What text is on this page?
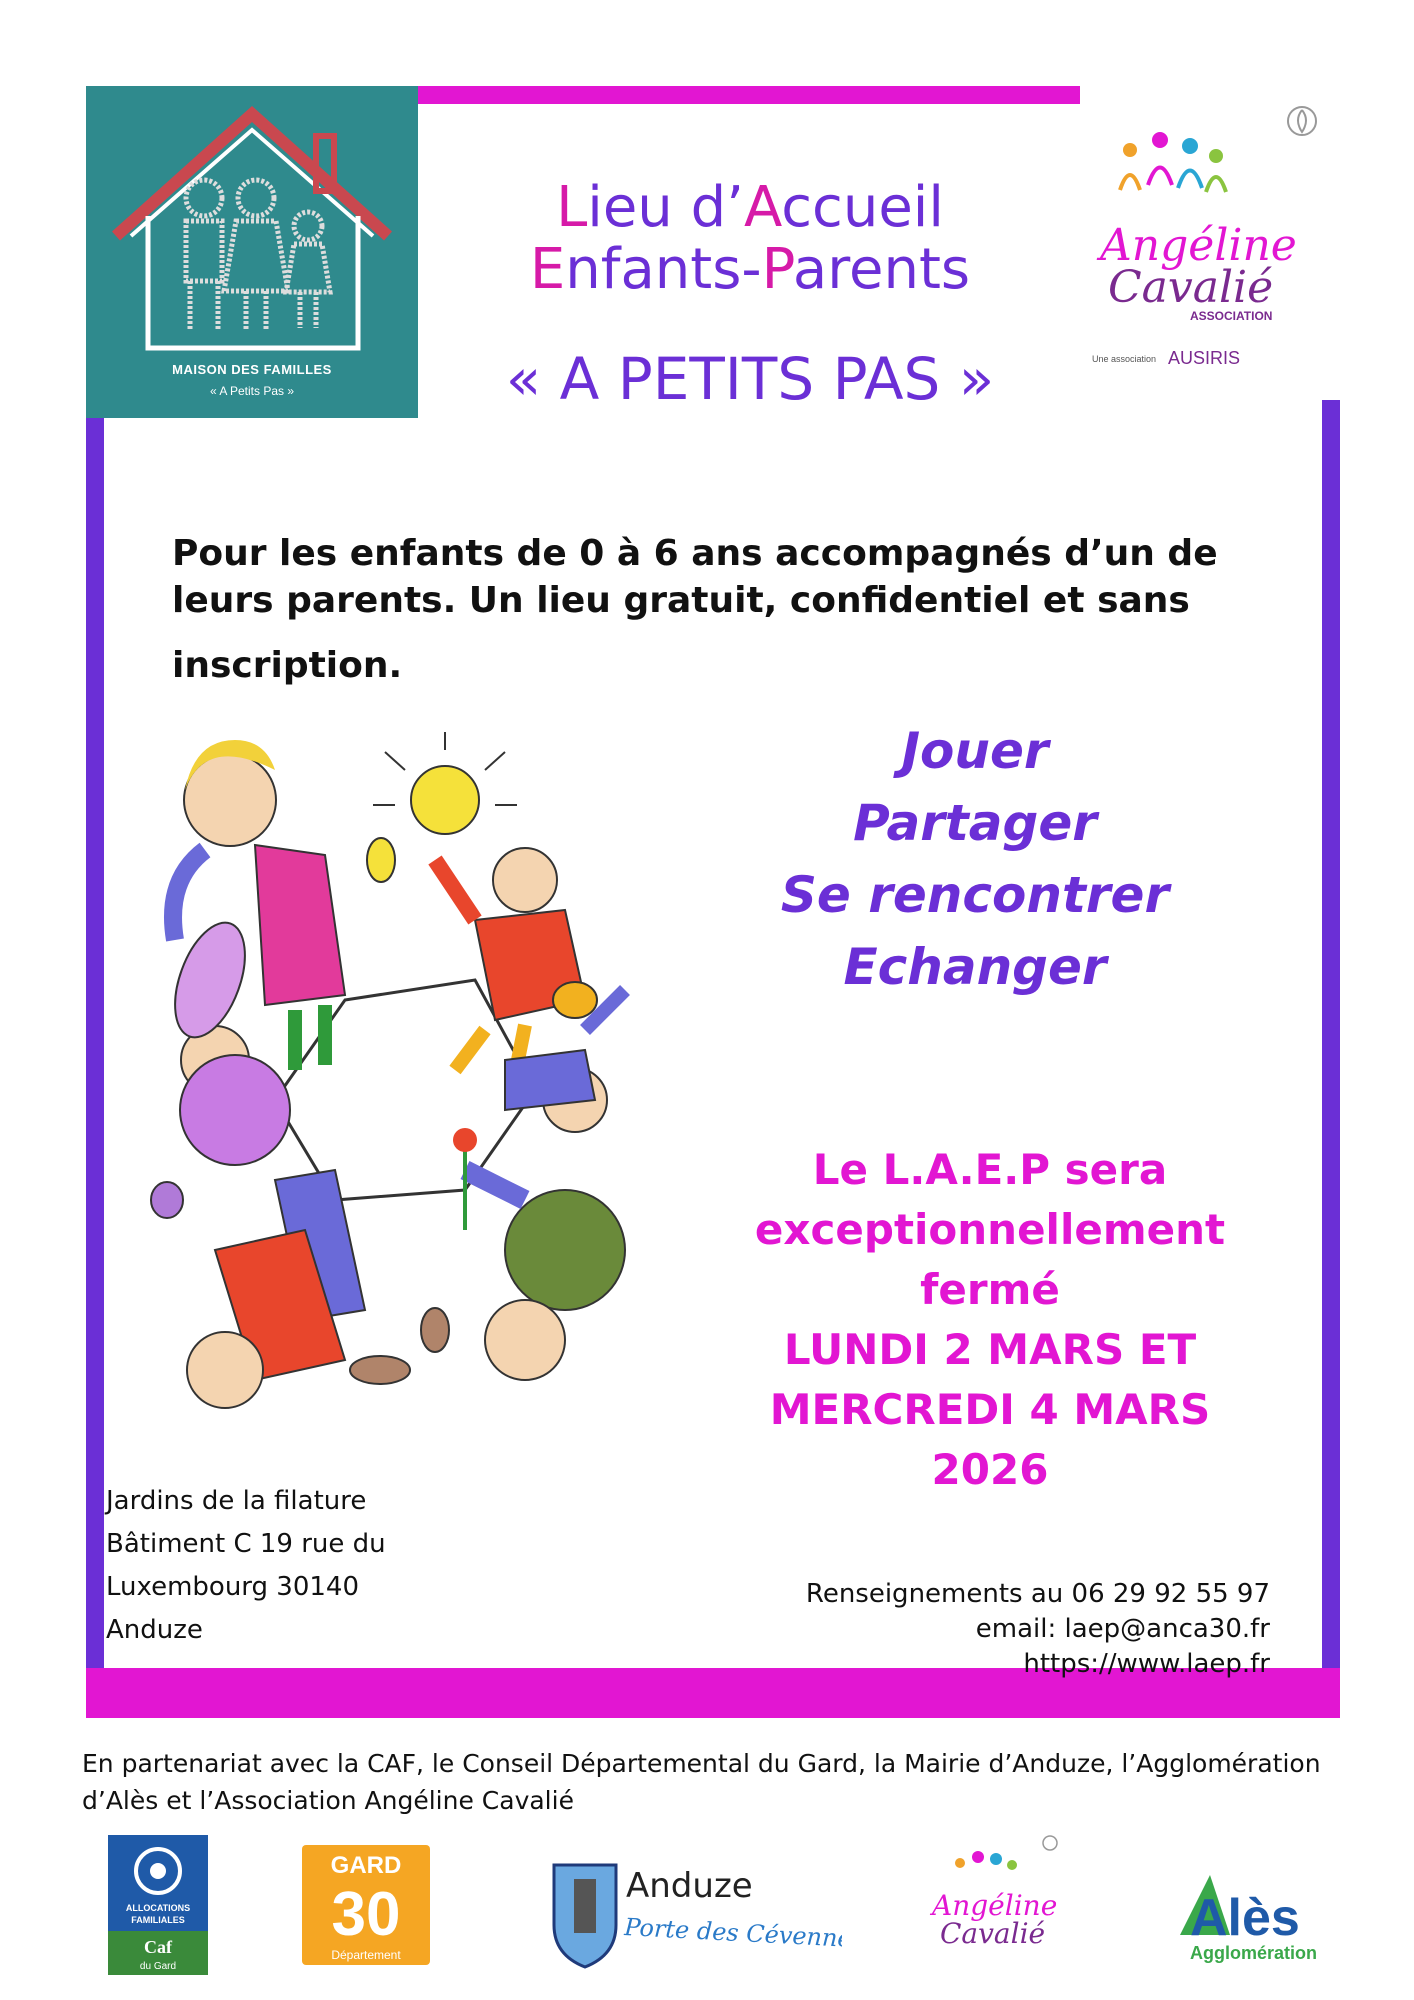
MAISON DES FAMILLES
« A Petits Pas »
Lieu d’Accueil
Enfants-Parents
« A PETITS PAS »
Angéline
Cavalié
ASSOCIATION
Une association AUSIRIS
Pour les enfants de 0 à 6 ans accompagnés d’un de
leurs parents. Un lieu gratuit, confidentiel et sans
inscription.
Jouer
Partager
Se rencontrer
Echanger
Le L.A.E.P sera
exceptionnellement
fermé
LUNDI 2 MARS ET
MERCREDI 4 MARS
2026
Jardins de la filature
Bâtiment C 19 rue du
Luxembourg 30140
Anduze
Renseignements au 06 29 92 55 97
email: laep@anca30.fr
https://www.laep.fr
En partenariat avec la CAF, le Conseil Départemental du Gard, la Mairie d’Anduze, l’Agglomération
d’Alès et l’Association Angéline Cavalié
ALLOCATIONS
FAMILIALES
Caf
du Gard
GARD
30
Département
Anduze
Porte des Cévennes
Angéline
Cavalié	Alès
Agglomération
